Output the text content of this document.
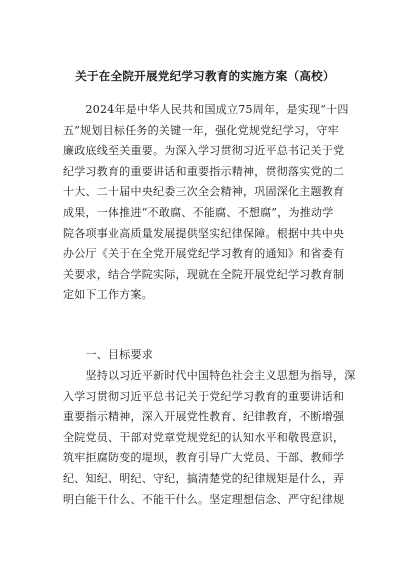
关于在全院开展党纪学习教育的实施方案（高校）
　　2024年是中华人民共和国成立75周年，是实现“十四
五”规划目标任务的关键一年，强化党规党纪学习，守牢
廉政底线至关重要。为深入学习贯彻习近平总书记关于党
纪学习教育的重要讲话和重要指示精神，贯彻落实党的二
十大、二十届中央纪委三次全会精神，巩固深化主题教育
成果，一体推进“不敢腐、不能腐、不想腐”，为推动学
院各项事业高质量发展提供坚实纪律保障。根据中共中央
办公厅《关于在全党开展党纪学习教育的通知》和省委有
关要求，结合学院实际，现就在全院开展党纪学习教育制
定如下工作方案。
　　一、目标要求
　　坚持以习近平新时代中国特色社会主义思想为指导，深
入学习贯彻习近平总书记关于党纪学习教育的重要讲话和
重要指示精神，深入开展党性教育、纪律教育，不断增强
全院党员、干部对党章党规党纪的认知水平和敬畏意识，
筑牢拒腐防变的堤坝，教育引导广大党员、干部、教师学
纪、知纪、明纪、守纪，搞清楚党的纪律规矩是什么，弄
明白能干什么、不能干什么。坚定理想信念、严守纪律规
